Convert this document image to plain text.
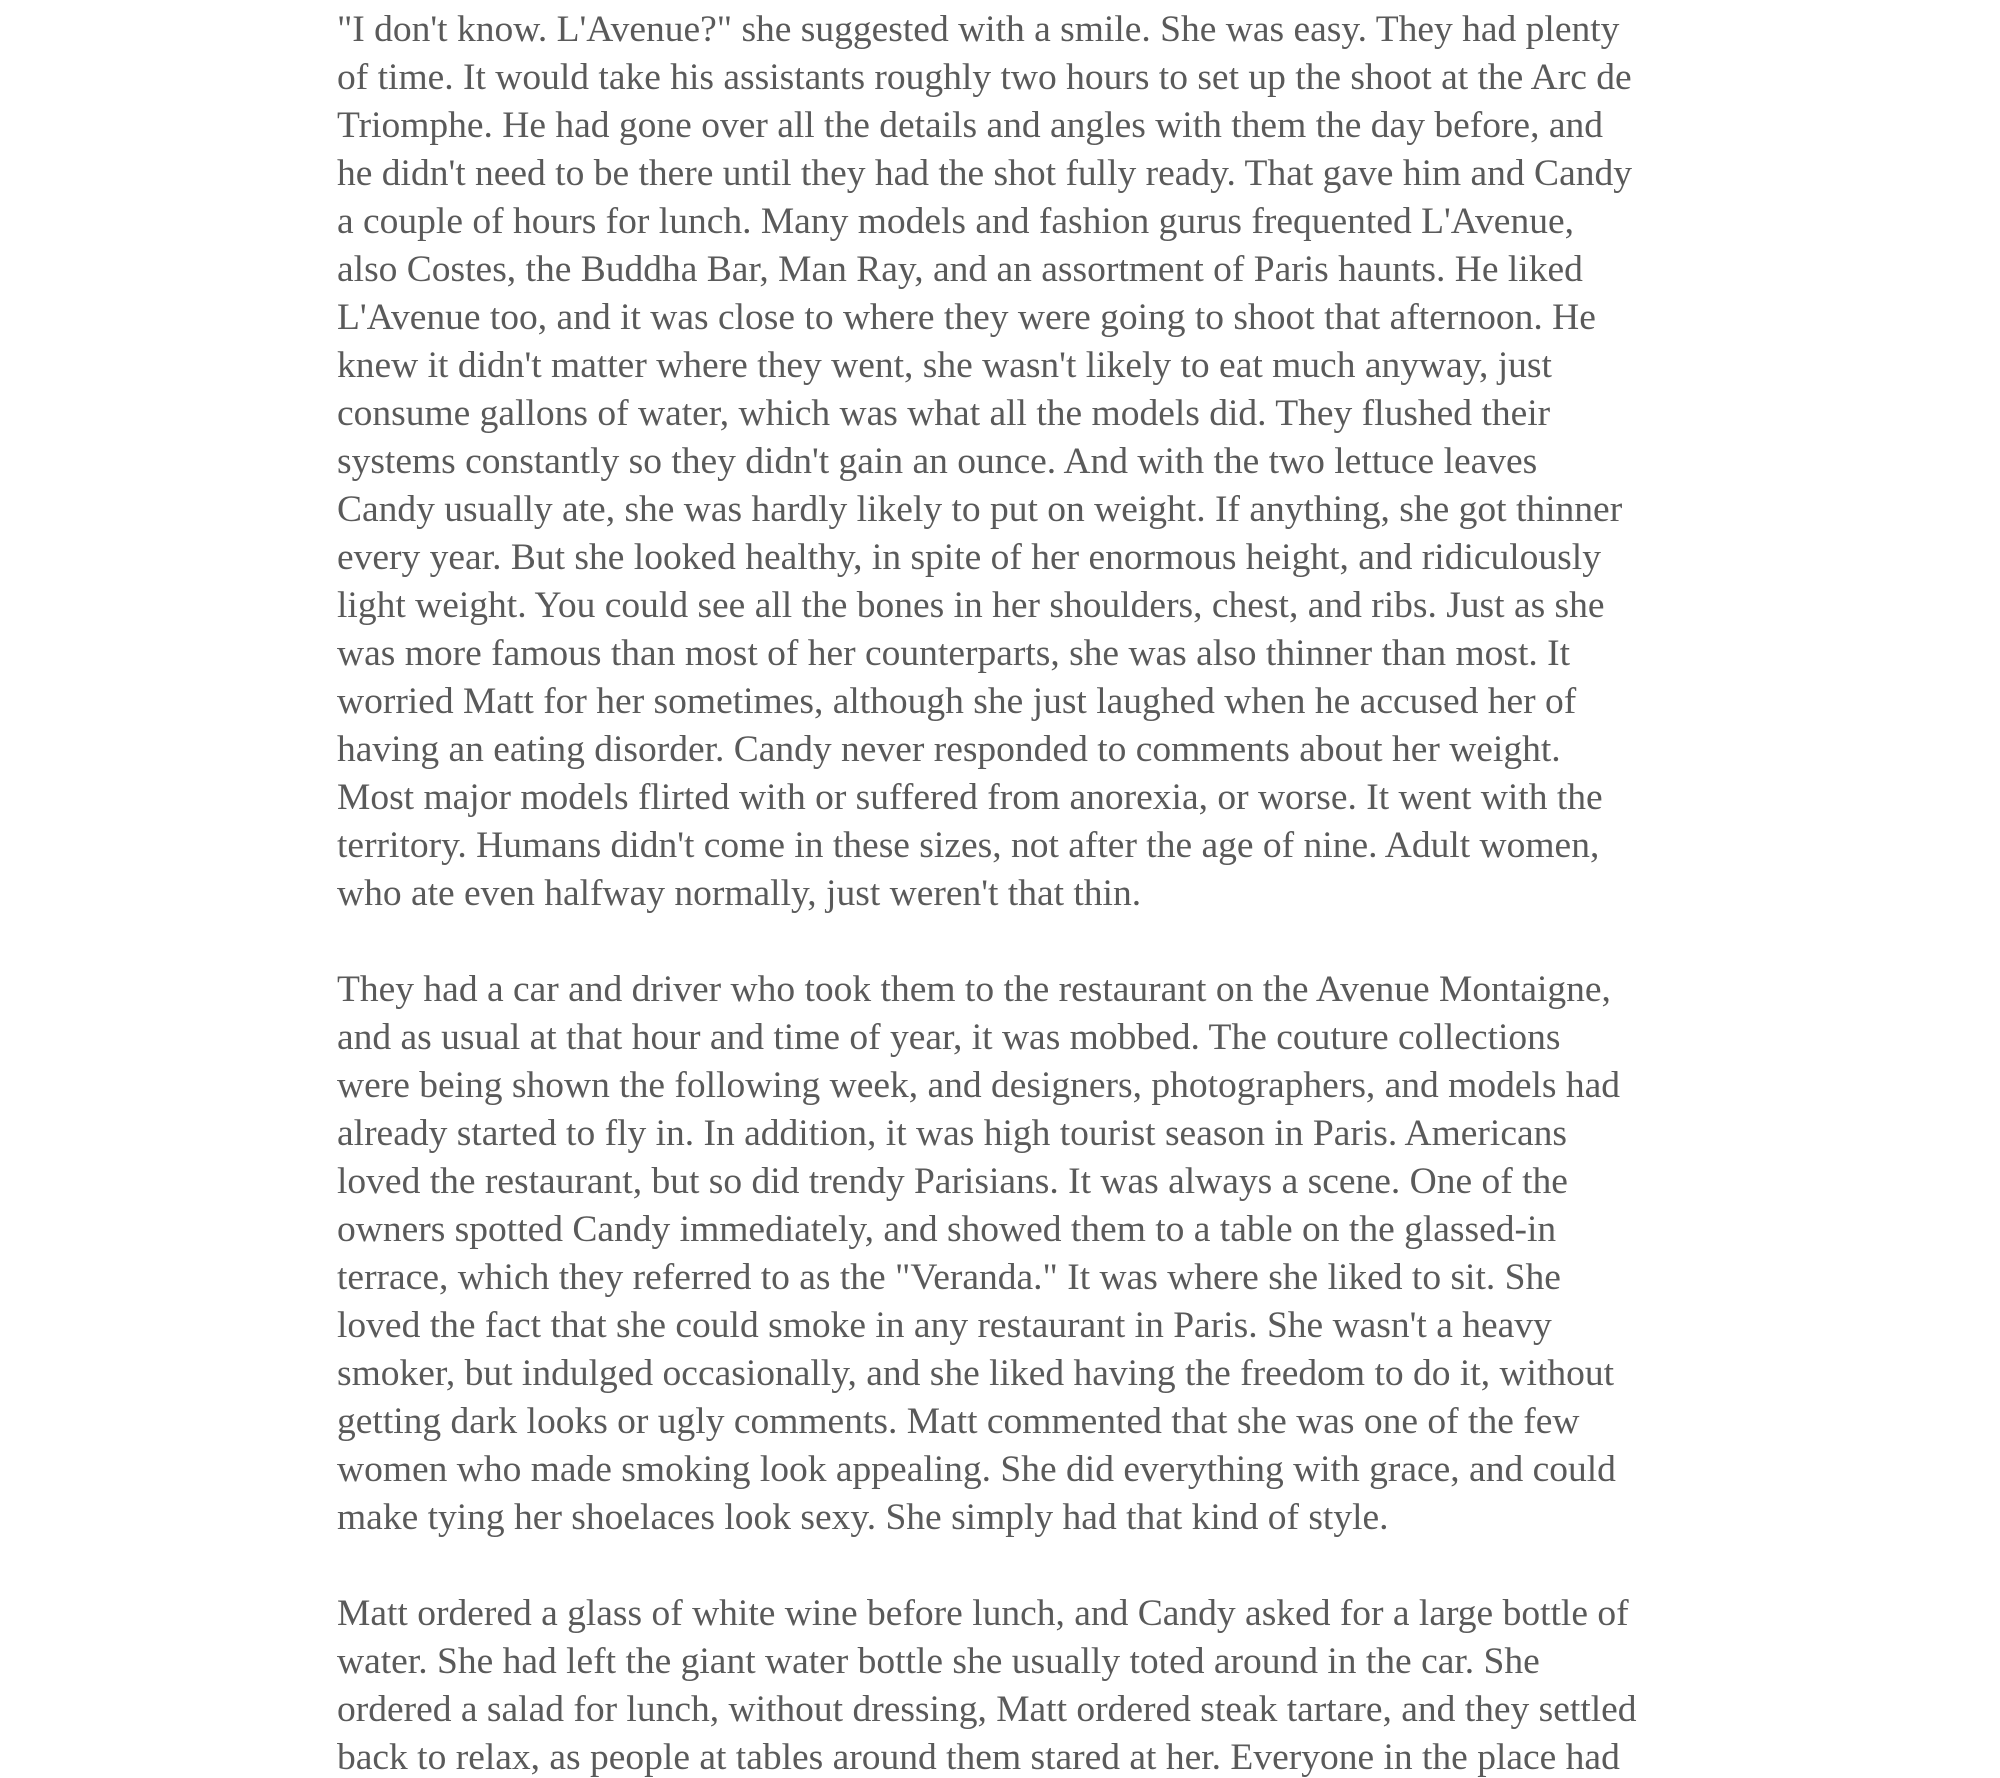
"I don't know. L'Avenue?" she suggested with a smile. She was easy. They had plenty

of time. It would take his assistants roughly two hours to set up the shoot at the Arc de

Triomphe. He had gone over all the details and angles with them the day before, and

he didn't need to be there until they had the shot fully ready. That gave him and Candy

a couple of hours for lunch. Many models and fashion gurus frequented L'Avenue,

also Costes, the Buddha Bar, Man Ray, and an assortment of Paris haunts. He liked

L'Avenue too, and it was close to where they were going to shoot that afternoon. He

knew it didn't matter where they went, she wasn't likely to eat much anyway, just

consume gallons of water, which was what all the models did. They flushed their

systems constantly so they didn't gain an ounce. And with the two lettuce leaves

Candy usually ate, she was hardly likely to put on weight. If anything, she got thinner

every year. But she looked healthy, in spite of her enormous height, and ridiculously

light weight. You could see all the bones in her shoulders, chest, and ribs. Just as she

was more famous than most of her counterparts, she was also thinner than most. It

worried Matt for her sometimes, although she just laughed when he accused her of

having an eating disorder. Candy never responded to comments about her weight.

Most major models flirted with or suffered from anorexia, or worse. It went with the

territory. Humans didn't come in these sizes, not after the age of nine. Adult women,

who ate even halfway normally, just weren't that thin.

They had a car and driver who took them to the restaurant on the Avenue Montaigne,

and as usual at that hour and time of year, it was mobbed. The couture collections

were being shown the following week, and designers, photographers, and models had

already started to fly in. In addition, it was high tourist season in Paris. Americans

loved the restaurant, but so did trendy Parisians. It was always a scene. One of the

owners spotted Candy immediately, and showed them to a table on the glassed-in

terrace, which they referred to as the "Veranda." It was where she liked to sit. She

loved the fact that she could smoke in any restaurant in Paris. She wasn't a heavy

smoker, but indulged occasionally, and she liked having the freedom to do it, without

getting dark looks or ugly comments. Matt commented that she was one of the few

women who made smoking look appealing. She did everything with grace, and could

make tying her shoelaces look sexy. She simply had that kind of style.

Matt ordered a glass of white wine before lunch, and Candy asked for a large bottle of

water. She had left the giant water bottle she usually toted around in the car. She

ordered a salad for lunch, without dressing, Matt ordered steak tartare, and they settled

back to relax, as people at tables around them stared at her. Everyone in the place had
